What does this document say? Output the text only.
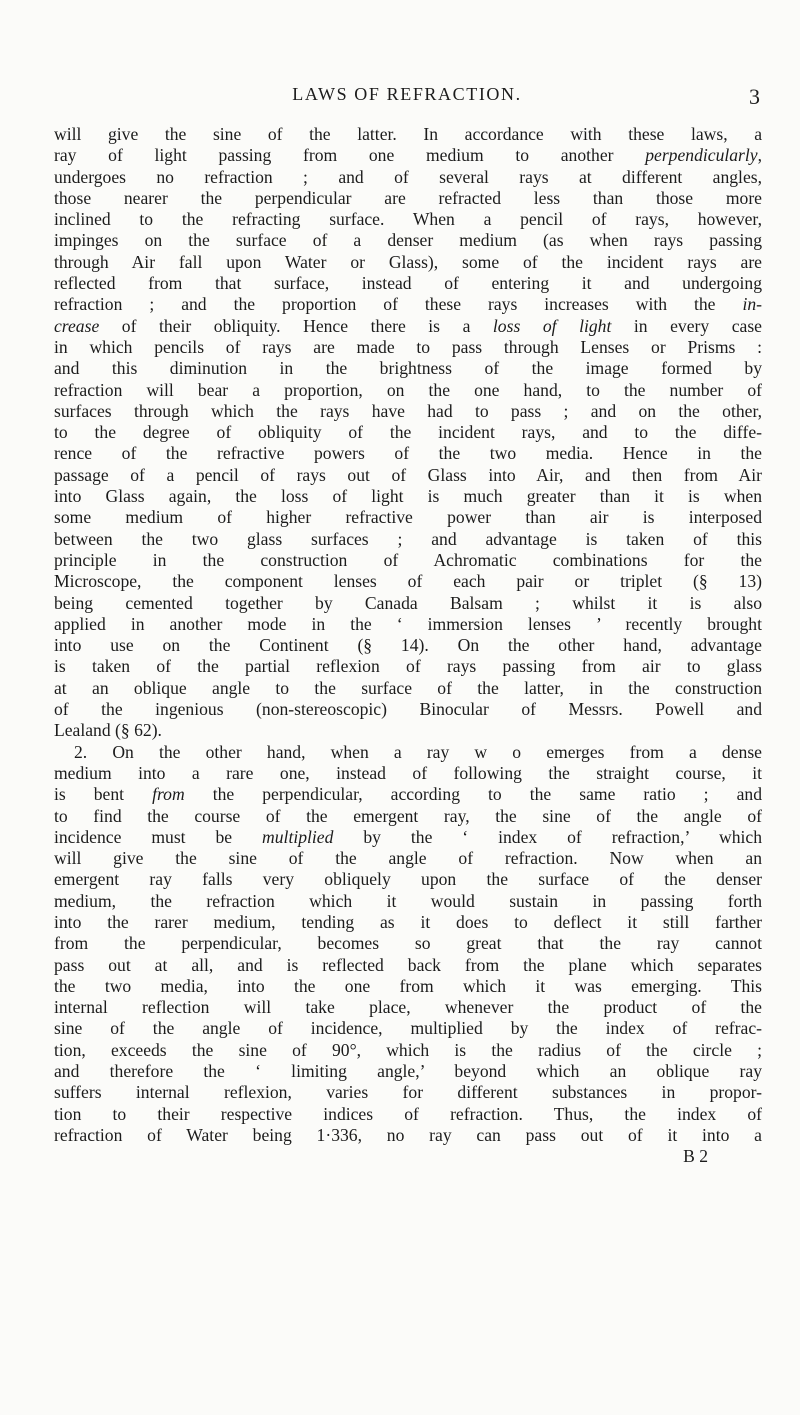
LAWS OF REFRACTION.	3
will give the sine of the latter. In accordance with these laws, a
ray of light passing from one medium to another perpendicularly,
undergoes no refraction ; and of several rays at different angles,
those nearer the perpendicular are refracted less than those more
inclined to the refracting surface. When a pencil of rays, however,
impinges on the surface of a denser medium (as when rays passing
through Air fall upon Water or Glass), some of the incident rays are
reflected from that surface, instead of entering it and undergoing
refraction ; and the proportion of these rays increases with the in-
crease of their obliquity. Hence there is a loss of light in every case
in which pencils of rays are made to pass through Lenses or Prisms :
and this diminution in the brightness of the image formed by
refraction will bear a proportion, on the one hand, to the number of
surfaces through which the rays have had to pass ; and on the other,
to the degree of obliquity of the incident rays, and to the diffe-
rence of the refractive powers of the two media. Hence in the
passage of a pencil of rays out of Glass into Air, and then from Air
into Glass again, the loss of light is much greater than it is when
some medium of higher refractive power than air is interposed
between the two glass surfaces ; and advantage is taken of this
principle in the construction of Achromatic combinations for the
Microscope, the component lenses of each pair or triplet (§ 13)
being cemented together by Canada Balsam ; whilst it is also
applied in another mode in the ‘ immersion lenses ’ recently brought
into use on the Continent (§ 14). On the other hand, advantage
is taken of the partial reflexion of rays passing from air to glass
at an oblique angle to the surface of the latter, in the construction
of the ingenious (non-stereoscopic) Binocular of Messrs. Powell and
Lealand (§ 62).
2. On the other hand, when a ray w o emerges from a dense
medium into a rare one, instead of following the straight course, it
is bent from the perpendicular, according to the same ratio ; and
to find the course of the emergent ray, the sine of the angle of
incidence must be multiplied by the ‘ index of refraction,’ which
will give the sine of the angle of refraction. Now when an
emergent ray falls very obliquely upon the surface of the denser
medium, the refraction which it would sustain in passing forth
into the rarer medium, tending as it does to deflect it still farther
from the perpendicular, becomes so great that the ray cannot
pass out at all, and is reflected back from the plane which separates
the two media, into the one from which it was emerging. This
internal reflection will take place, whenever the product of the
sine of the angle of incidence, multiplied by the index of refrac-
tion, exceeds the sine of 90°, which is the radius of the circle ;
and therefore the ‘ limiting angle,’ beyond which an oblique ray
suffers internal reflexion, varies for different substances in propor-
tion to their respective indices of refraction. Thus, the index of
refraction of Water being 1·336, no ray can pass out of it into a
B 2
